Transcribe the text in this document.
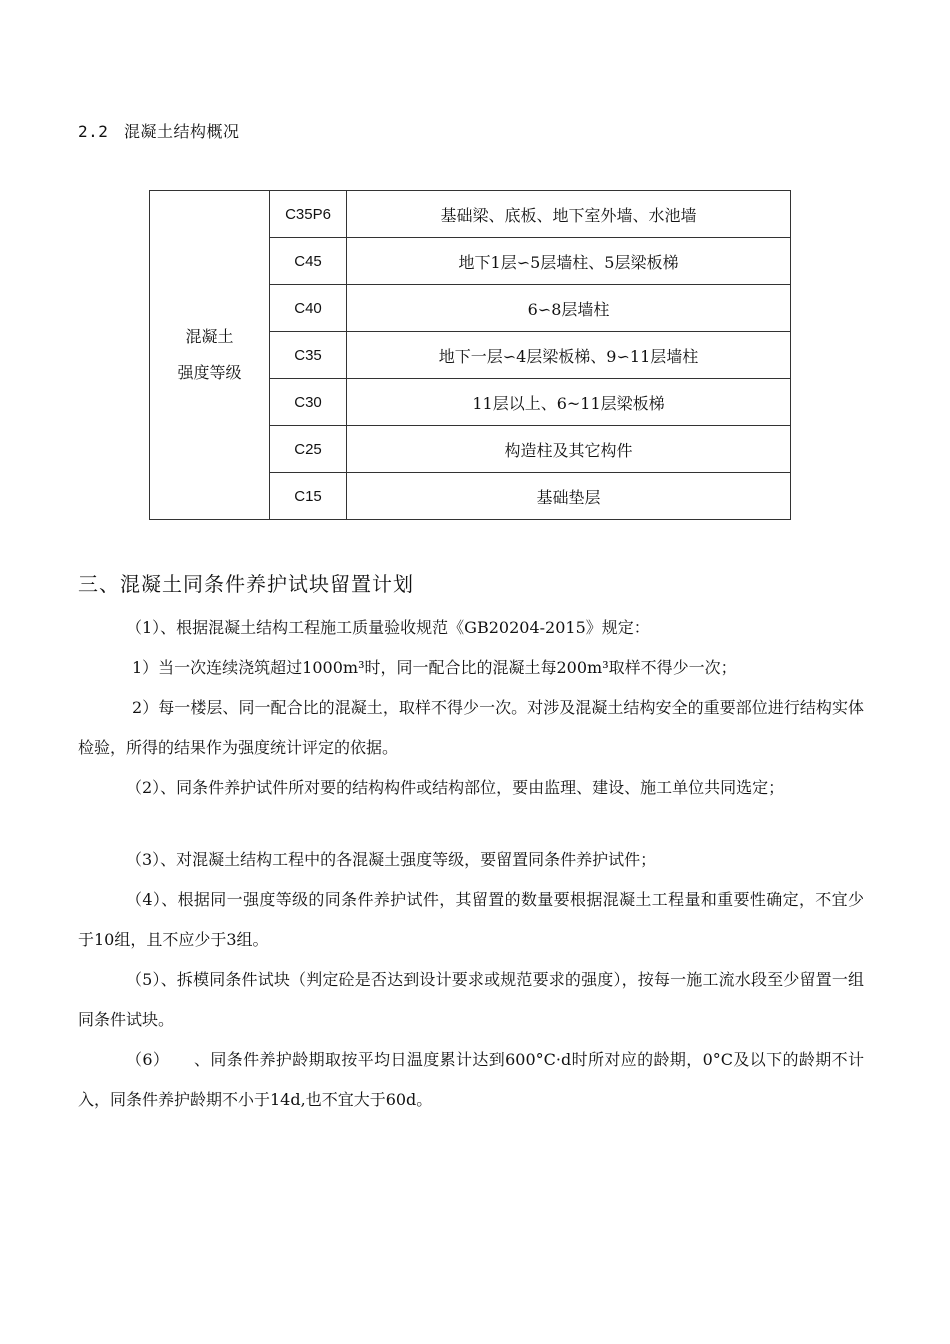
2.2 混凝土结构概况
混凝土
强度等级	C35P6	基础梁、底板、地下室外墙、水池墙
	C45	地下1层∽5层墙柱、5层梁板梯
	C40	6∽8层墙柱
	C35	地下一层∽4层梁板梯、9∽11层墙柱
	C30	11层以上、6~11层梁板梯
	C25	构造柱及其它构件
	C15	基础垫层
三、混凝土同条件养护试块留置计划
（1）、根据混凝土结构工程施工质量验收规范《GB20204-2015》规定：
1）当一次连续浇筑超过1000m³时，同一配合比的混凝土每200m³取样不得少一次；
2）每一楼层、同一配合比的混凝土，取样不得少一次。对涉及混凝土结构安全的重要部位进行结构实体检验，所得的结果作为强度统计评定的依据。
（2）、同条件养护试件所对要的结构构件或结构部位，要由监理、建设、施工单位共同选定；
（3）、对混凝土结构工程中的各混凝土强度等级，要留置同条件养护试件；
（4）、根据同一强度等级的同条件养护试件，其留置的数量要根据混凝土工程量和重要性确定，不宜少于10组，且不应少于3组。
（5）、拆模同条件试块（判定砼是否达到设计要求或规范要求的强度），按每一施工流水段至少留置一组同条件试块。
（6）　　、同条件养护龄期取按平均日温度累计达到600°C·d时所对应的龄期，0°C及以下的龄期不计入，同条件养护龄期不小于14d,也不宜大于60d。
